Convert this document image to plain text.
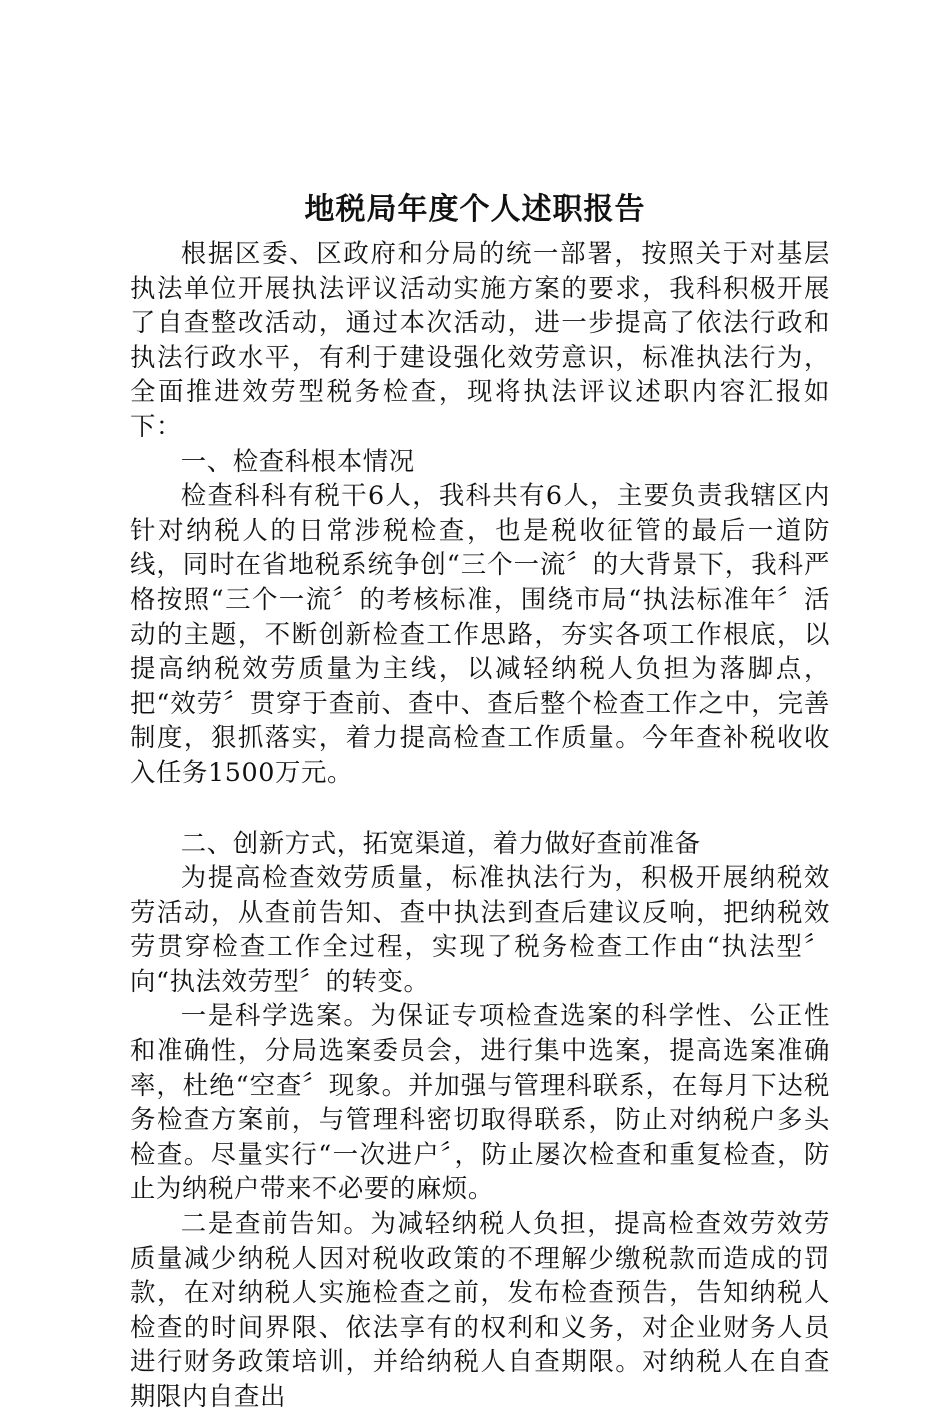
地税局年度个人述职报告

根据区委、区政府和分局的统一部署，按照关于对基层执法单位开展执法评议活动实施方案的要求，我科积极开展了自查整改活动，通过本次活动，进一步提高了依法行政和执法行政水平，有利于建设强化效劳意识，标准执法行为，全面推进效劳型税务检查，现将执法评议述职内容汇报如下：

一、检查科根本情况

检查科科有税干6人，我科共有6人，主要负责我辖区内针对纳税人的日常涉税检查，也是税收征管的最后一道防线，同时在省地税系统争创“三个一流〞的大背景下，我科严格按照“三个一流〞的考核标准，围绕市局“执法标准年〞活动的主题，不断创新检查工作思路，夯实各项工作根底，以提高纳税效劳质量为主线，以减轻纳税人负担为落脚点，把“效劳〞贯穿于查前、查中、查后整个检查工作之中，完善制度，狠抓落实，着力提高检查工作质量。今年查补税收收入任务1500万元。

二、创新方式，拓宽渠道，着力做好查前准备

为提高检查效劳质量，标准执法行为，积极开展纳税效劳活动，从查前告知、查中执法到查后建议反响，把纳税效劳贯穿检查工作全过程，实现了税务检查工作由“执法型〞向“执法效劳型〞的转变。

一是科学选案。为保证专项检查选案的科学性、公正性和准确性，分局选案委员会，进行集中选案，提高选案准确率，杜绝“空查〞现象。并加强与管理科联系，在每月下达税务检查方案前，与管理科密切取得联系，防止对纳税户多头检查。尽量实行“一次进户〞，防止屡次检查和重复检查，防止为纳税户带来不必要的麻烦。

二是查前告知。为减轻纳税人负担，提高检查效劳效劳质量减少纳税人因对税收政策的不理解少缴税款而造成的罚款，在对纳税人实施检查之前，发布检查预告，告知纳税人检查的时间界限、依法享有的权利和义务，对企业财务人员进行财务政策培训，并给纳税人自查期限。对纳税人在自查期限内自查出
